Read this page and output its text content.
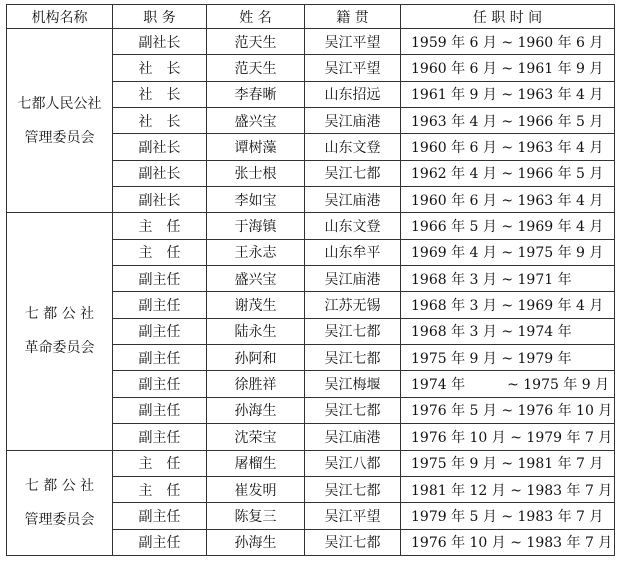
机构名称	职 务	姓 名	籍 贯	任 职 时 间

七都人民公社
管理委员会	副社长	范天生	吴江平望	1959 年 6 月 ~ 1960 年 6 月
	社　长	范天生	吴江平望	1960 年 6 月 ~ 1961 年 9 月
	社　长	李春晰	山东招远	1961 年 9 月 ~ 1963 年 4 月
	社　长	盛兴宝	吴江庙港	1963 年 4 月 ~ 1966 年 5 月
	副社长	谭树藻	山东文登	1960 年 6 月 ~ 1963 年 4 月
	副社长	张士根	吴江七都	1962 年 4 月 ~ 1966 年 5 月
	副社长	李如宝	吴江庙港	1960 年 6 月 ~ 1963 年 4 月

七 都 公 社
革命委员会	主　任	于海镇	山东文登	1966 年 5 月 ~ 1969 年 4 月
	主　任	王永志	山东牟平	1969 年 4 月 ~ 1975 年 9 月
	副主任	盛兴宝	吴江庙港	1968 年 3 月 ~ 1971 年
	副主任	谢茂生	江苏无锡	1968 年 3 月 ~ 1969 年 4 月
	副主任	陆永生	吴江七都	1968 年 3 月 ~ 1974 年
	副主任	孙阿和	吴江七都	1975 年 9 月 ~ 1979 年
	副主任	徐胜祥	吴江梅堰	1974 年　　　~ 1975 年 9 月
	副主任	孙海生	吴江七都	1976 年 5 月 ~ 1976 年 10 月
	副主任	沈荣宝	吴江庙港	1976 年 10 月 ~ 1979 年 7 月

七 都 公 社
管理委员会	主　任	屠榴生	吴江八都	1975 年 9 月 ~ 1981 年 7 月
	主　任	崔发明	吴江七都	1981 年 12 月 ~ 1983 年 7 月
	副主任	陈复三	吴江平望	1979 年 5 月 ~ 1983 年 7 月
	副主任	孙海生	吴江七都	1976 年 10 月 ~ 1983 年 7 月
